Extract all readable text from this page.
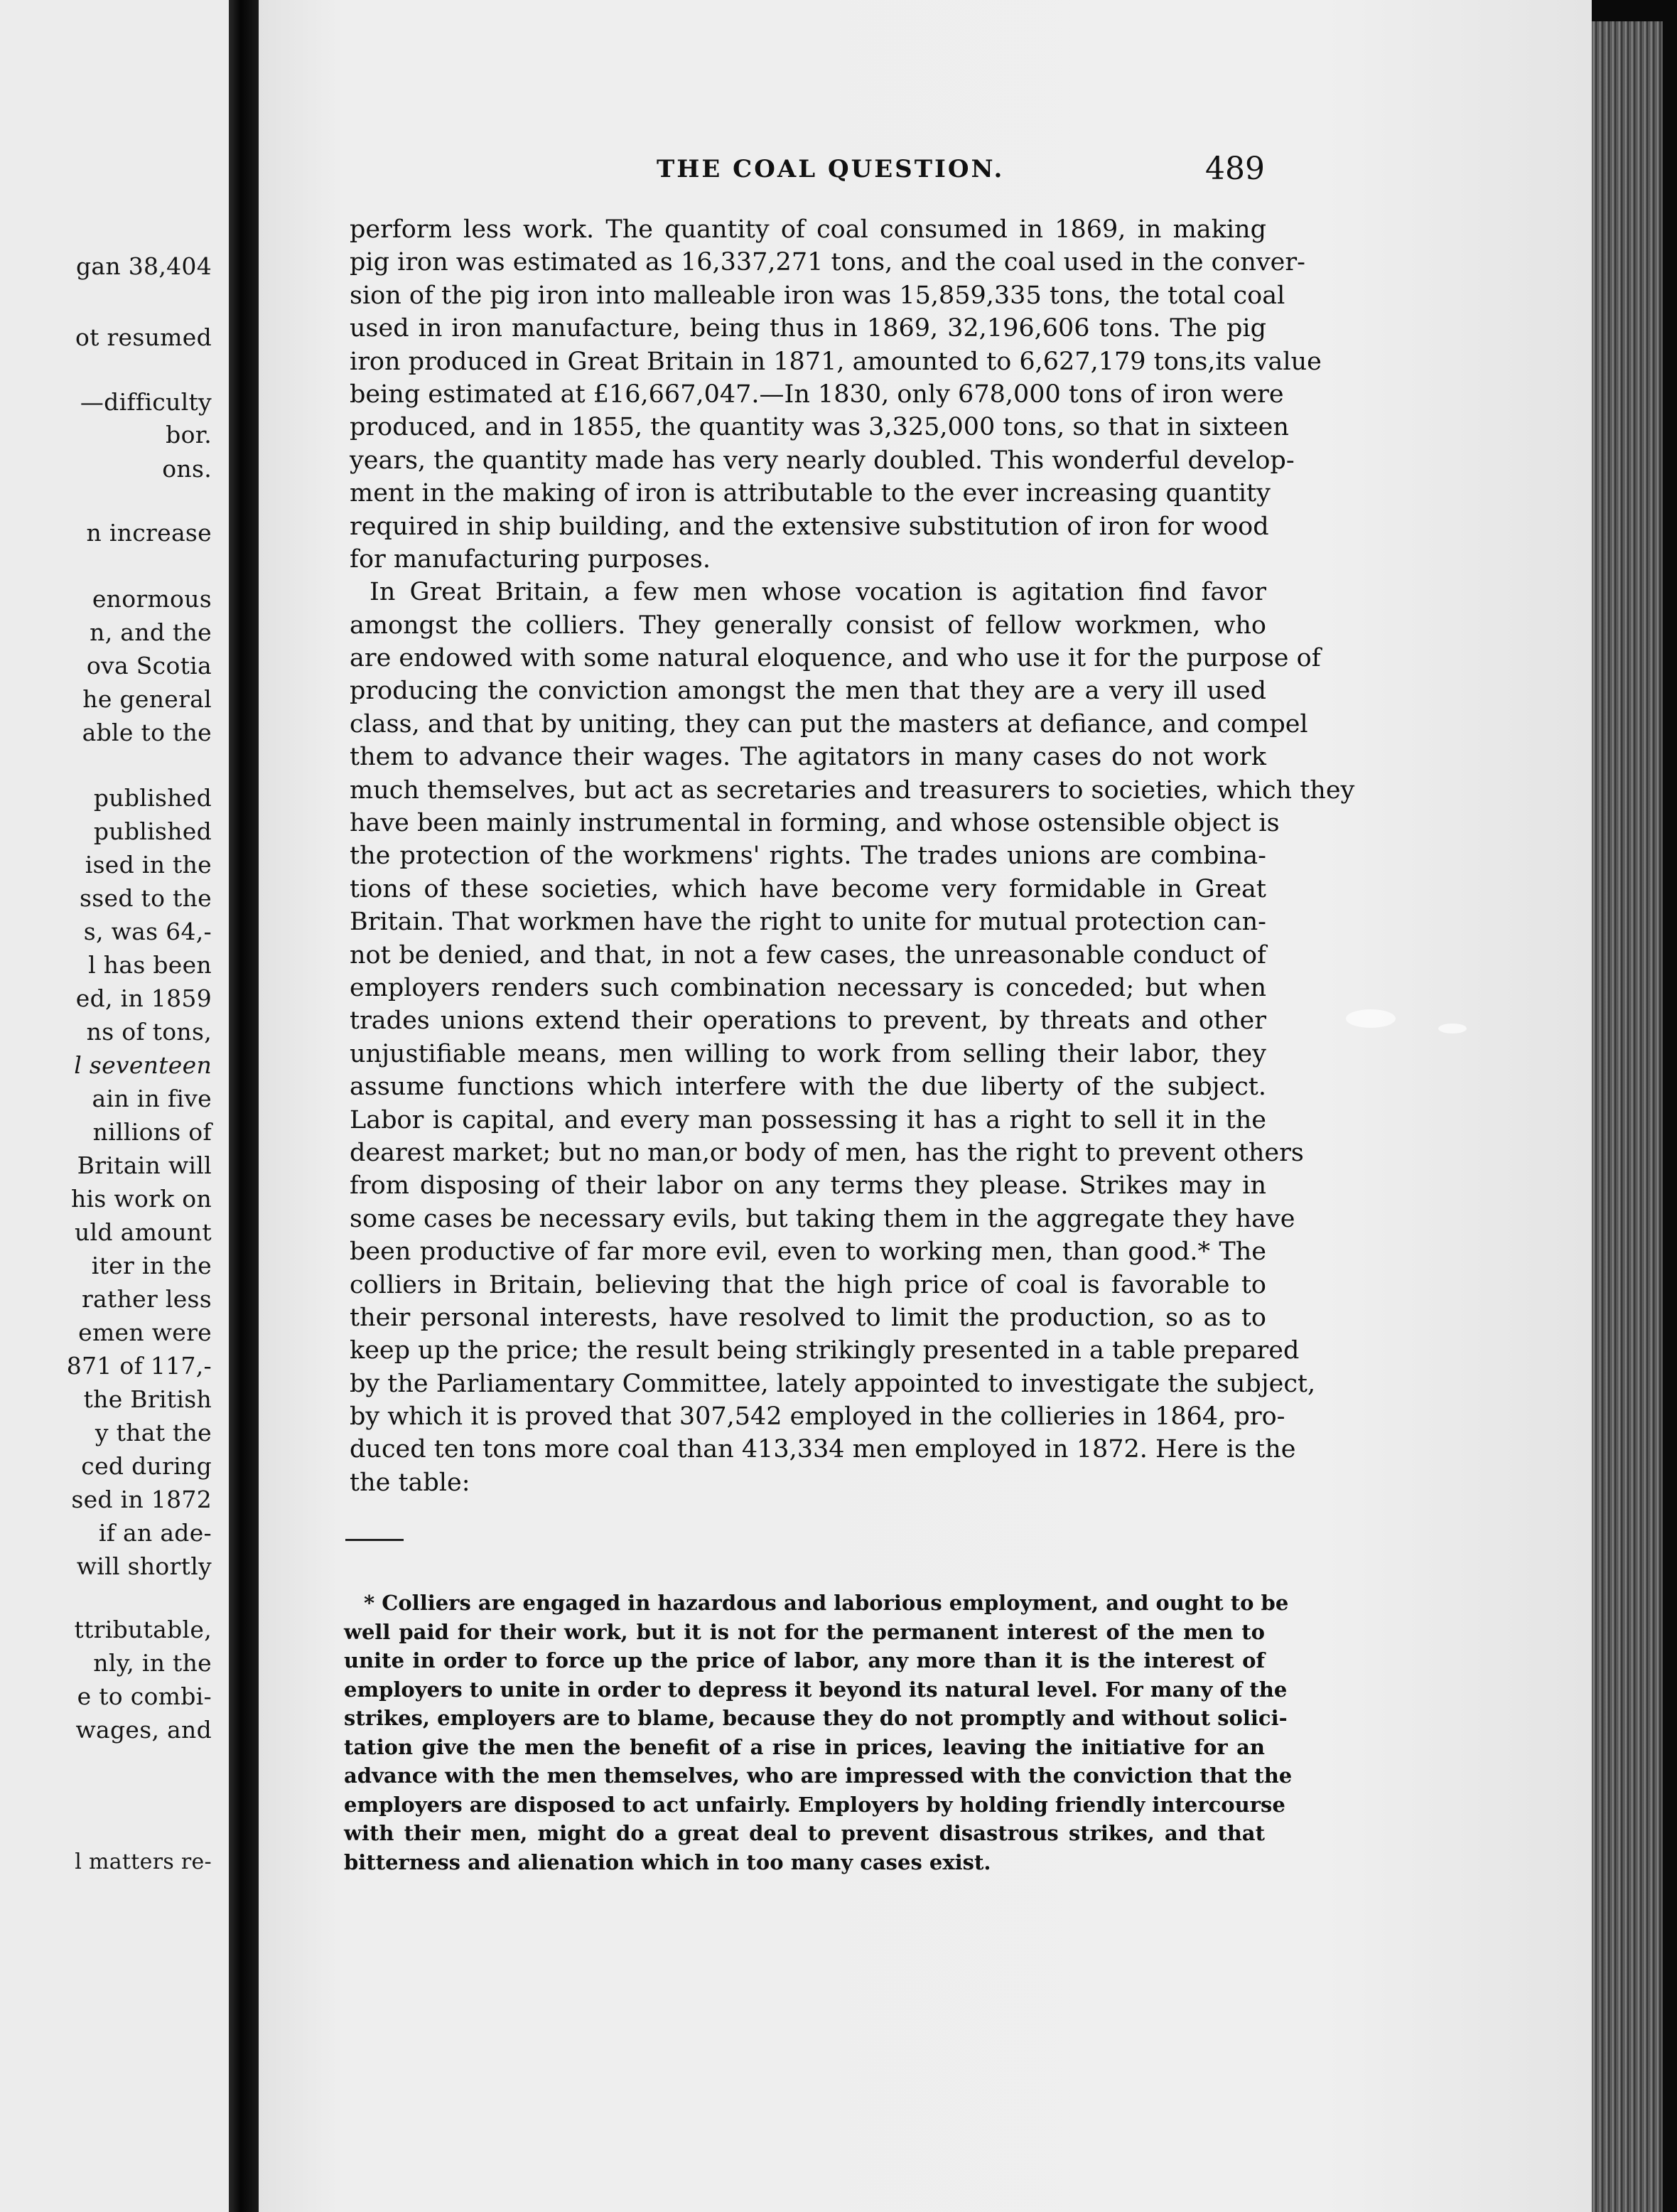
gan 38,404
ot resumed
—difficulty
bor.
ons.
n increase
enormous
n, and the
ova Scotia
he general
able to the
published
published
ised in the
ssed to the
s, was 64,-
l has been
ed, in 1859
ns of tons,
l seventeen
ain in five
nillions of
Britain will
his work on
uld amount
iter in the
rather less
emen were
871 of 117,-
the British
y that the
ced during
sed in 1872
if an ade-
will shortly
ttributable,
nly, in the
e to combi-
wages, and
l matters re-
THE COAL QUESTION.	489
perform less work. The quantity of coal consumed in 1869, in making
pig iron was estimated as 16,337,271 tons, and the coal used in the conver-
sion of the pig iron into malleable iron was 15,859,335 tons, the total coal
used in iron manufacture, being thus in 1869, 32,196,606 tons. The pig
iron produced in Great Britain in 1871, amounted to 6,627,179 tons,its value
being estimated at £16,667,047.—In 1830, only 678,000 tons of iron were
produced, and in 1855, the quantity was 3,325,000 tons, so that in sixteen
years, the quantity made has very nearly doubled. This wonderful develop-
ment in the making of iron is attributable to the ever increasing quantity
required in ship building, and the extensive substitution of iron for wood
for manufacturing purposes.
In Great Britain, a few men whose vocation is agitation find favor
amongst the colliers. They generally consist of fellow workmen, who
are endowed with some natural eloquence, and who use it for the purpose of
producing the conviction amongst the men that they are a very ill used
class, and that by uniting, they can put the masters at defiance, and compel
them to advance their wages. The agitators in many cases do not work
much themselves, but act as secretaries and treasurers to societies, which they
have been mainly instrumental in forming, and whose ostensible object is
the protection of the workmens' rights. The trades unions are combina-
tions of these societies, which have become very formidable in Great
Britain. That workmen have the right to unite for mutual protection can-
not be denied, and that, in not a few cases, the unreasonable conduct of
employers renders such combination necessary is conceded; but when
trades unions extend their operations to prevent, by threats and other
unjustifiable means, men willing to work from selling their labor, they
assume functions which interfere with the due liberty of the subject.
Labor is capital, and every man possessing it has a right to sell it in the
dearest market; but no man,or body of men, has the right to prevent others
from disposing of their labor on any terms they please. Strikes may in
some cases be necessary evils, but taking them in the aggregate they have
been productive of far more evil, even to working men, than good.* The
colliers in Britain, believing that the high price of coal is favorable to
their personal interests, have resolved to limit the production, so as to
keep up the price; the result being strikingly presented in a table prepared
by the Parliamentary Committee, lately appointed to investigate the subject,
by which it is proved that 307,542 employed in the collieries in 1864, pro-
duced ten tons more coal than 413,334 men employed in 1872. Here is the
the table:
* Colliers are engaged in hazardous and laborious employment, and ought to be
well paid for their work, but it is not for the permanent interest of the men to
unite in order to force up the price of labor, any more than it is the interest of
employers to unite in order to depress it beyond its natural level. For many of the
strikes, employers are to blame, because they do not promptly and without solici-
tation give the men the benefit of a rise in prices, leaving the initiative for an
advance with the men themselves, who are impressed with the conviction that the
employers are disposed to act unfairly. Employers by holding friendly intercourse
with their men, might do a great deal to prevent disastrous strikes, and that
bitterness and alienation which in too many cases exist.
